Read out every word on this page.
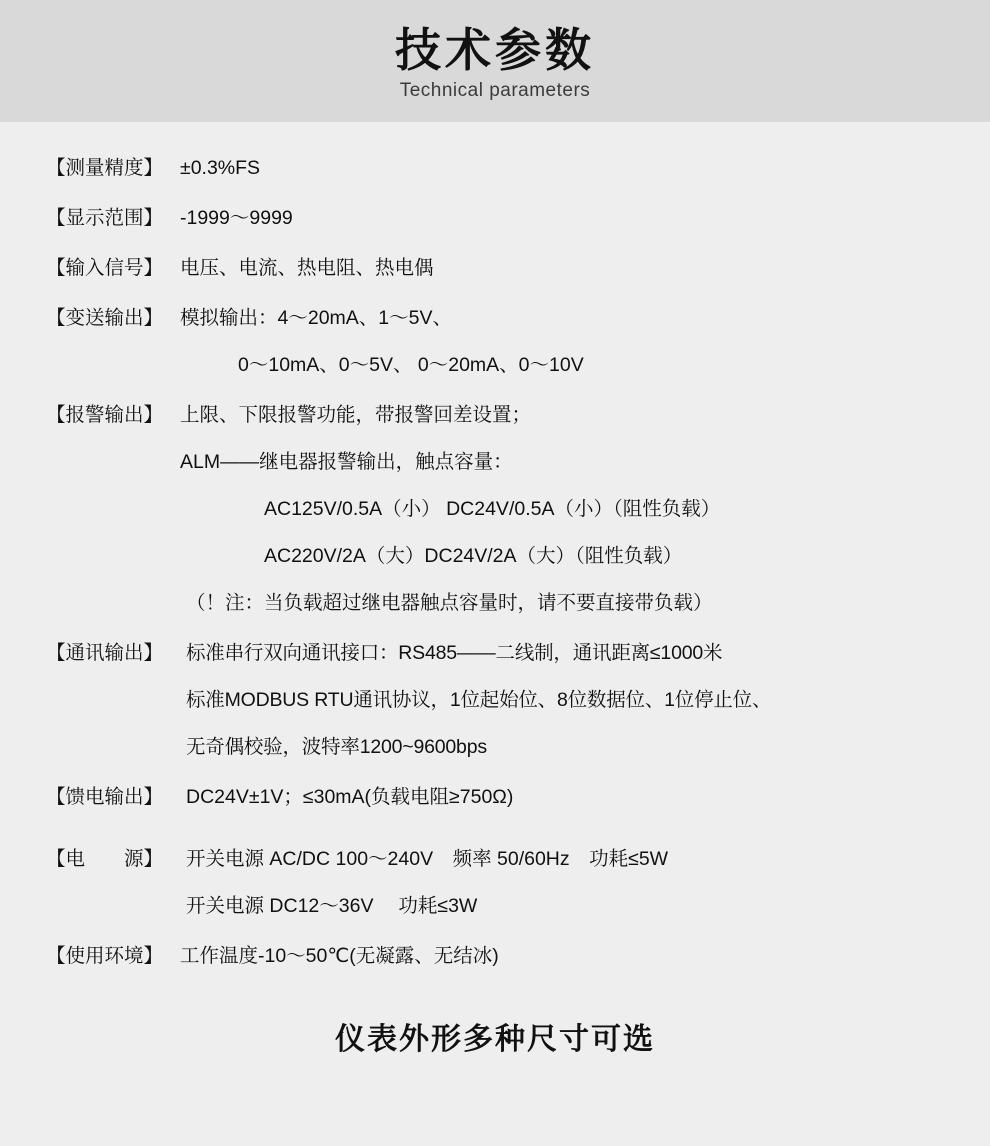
技术参数
Technical parameters
【测量精度】 ±0.3%FS
【显示范围】 -1999～9999
【输入信号】 电压、电流、热电阻、热电偶
【变送输出】 模拟输出：4～20mA、1～5V、
0～10mA、0～5V、 0～20mA、0～10V
【报警输出】 上限、下限报警功能，带报警回差设置；
ALM——继电器报警输出，触点容量：
AC125V/0.5A（小） DC24V/0.5A（小）（阻性负载）
AC220V/2A（大）DC24V/2A（大）（阻性负载）
（！注：当负载超过继电器触点容量时，请不要直接带负载）
【通讯输出】	标准串行双向通讯接口：RS485——二线制，通讯距离≤1000米
标准MODBUS RTU通讯协议，1位起始位、8位数据位、1位停止位、
无奇偶校验，波特率1200~9600bps
【馈电输出】	DC24V±1V；≤30mA(负载电阻≥750Ω)
【电　　源】	开关电源 AC/DC 100～240V　频率 50/60Hz　功耗≤5W
开关电源 DC12～36V　 功耗≤3W
【使用环境】 工作温度-10～50℃(无凝露、无结冰)
仪表外形多种尺寸可选
